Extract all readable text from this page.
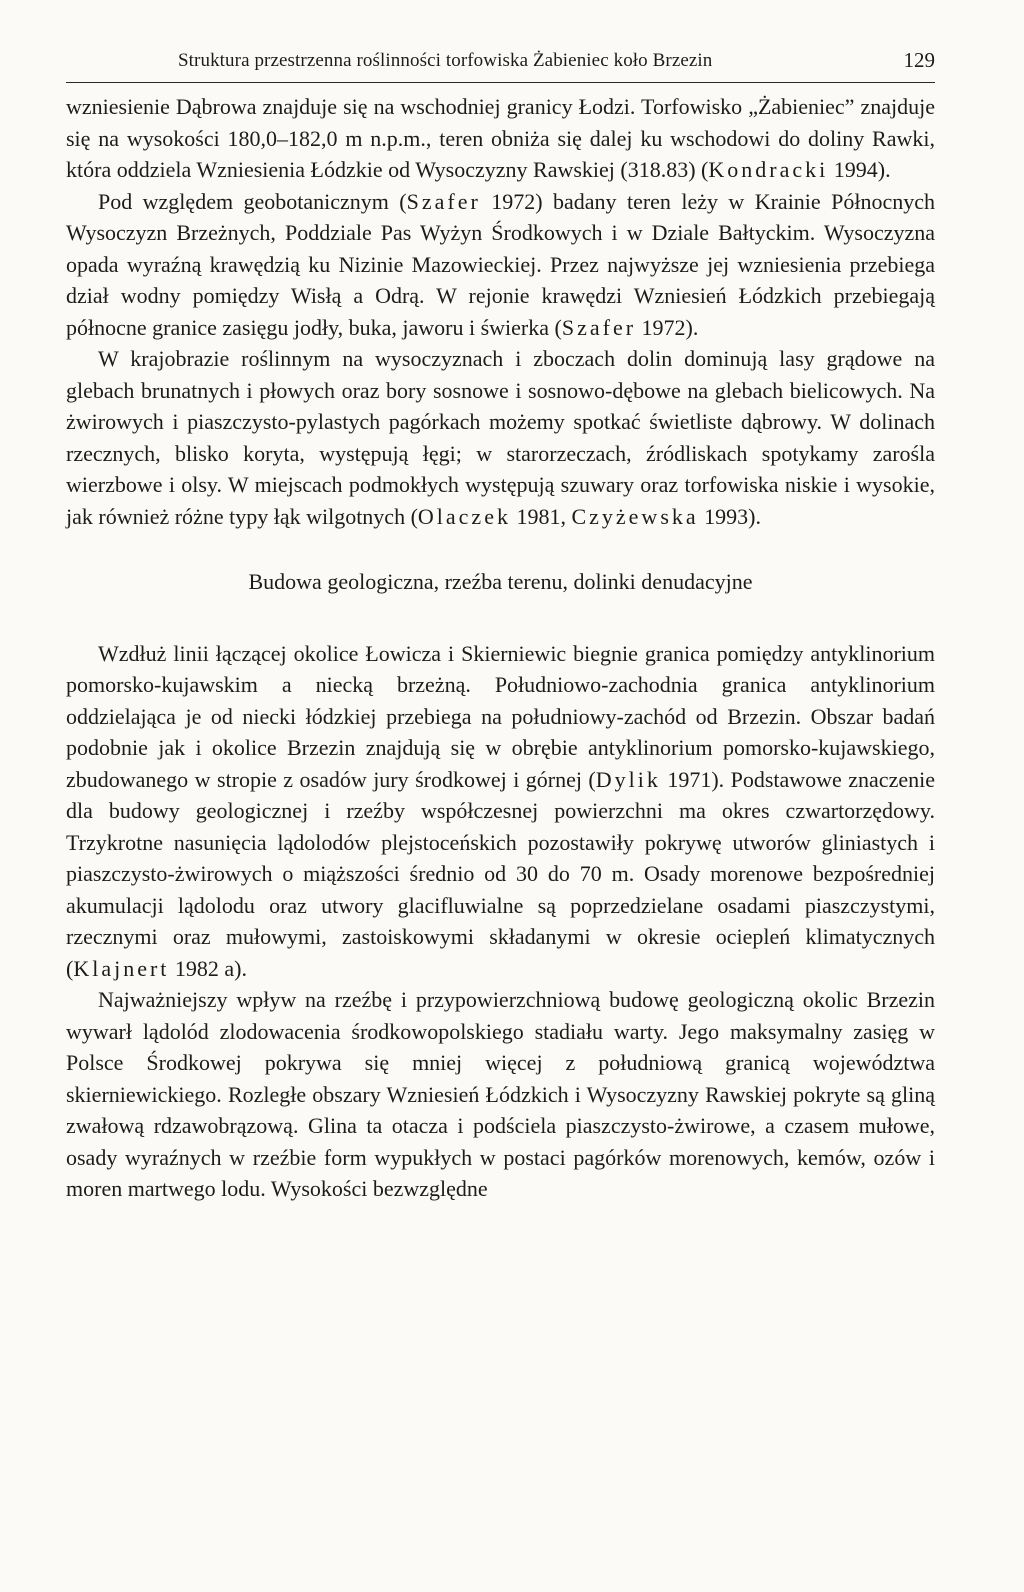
Struktura przestrzenna roślinności torfowiska Żabieniec koło Brzezin	129

wzniesienie Dąbrowa znajduje się na wschodniej granicy Łodzi. Torfowisko „Żabieniec” znajduje się na wysokości 180,0–182,0 m n.p.m., teren obniża się dalej ku wschodowi do doliny Rawki, która oddziela Wzniesienia Łódzkie od Wysoczyzny Rawskiej (318.83) (Kondracki 1994).

Pod względem geobotanicznym (Szafer 1972) badany teren leży w Krainie Północnych Wysoczyzn Brzeżnych, Poddziale Pas Wyżyn Środkowych i w Dziale Bałtyckim. Wysoczyzna opada wyraźną krawędzią ku Nizinie Mazowieckiej. Przez najwyższe jej wzniesienia przebiega dział wodny pomiędzy Wisłą a Odrą. W rejonie krawędzi Wzniesień Łódzkich przebiegają północne granice zasięgu jodły, buka, jaworu i świerka (Szafer 1972).

W krajobrazie roślinnym na wysoczyznach i zboczach dolin dominują lasy grądowe na glebach brunatnych i płowych oraz bory sosnowe i sosnowo-dębowe na glebach bielicowych. Na żwirowych i piaszczysto-pylastych pagórkach możemy spotkać świetliste dąbrowy. W dolinach rzecznych, blisko koryta, występują łęgi; w starorzeczach, źródliskach spotykamy zarośla wierzbowe i olsy. W miejscach podmokłych występują szuwary oraz torfowiska niskie i wysokie, jak również różne typy łąk wilgotnych (Olaczek 1981, Czyżewska 1993).

Budowa geologiczna, rzeźba terenu, dolinki denudacyjne

Wzdłuż linii łączącej okolice Łowicza i Skierniewic biegnie granica pomiędzy antyklinorium pomorsko-kujawskim a niecką brzeżną. Południowo-zachodnia granica antyklinorium oddzielająca je od niecki łódzkiej przebiega na południowy-zachód od Brzezin. Obszar badań podobnie jak i okolice Brzezin znajdują się w obrębie antyklinorium pomorsko-kujawskiego, zbudowanego w stropie z osadów jury środkowej i górnej (Dylik 1971). Podstawowe znaczenie dla budowy geologicznej i rzeźby współczesnej powierzchni ma okres czwartorzędowy. Trzykrotne nasunięcia lądolodów plejstoceńskich pozostawiły pokrywę utworów gliniastych i piaszczysto-żwirowych o miąższości średnio od 30 do 70 m. Osady morenowe bezpośredniej akumulacji lądolodu oraz utwory glacifluwialne są poprzedzielane osadami piaszczystymi, rzecznymi oraz mułowymi, zastoiskowymi składanymi w okresie ociepleń klimatycznych (Klajnert 1982 a).

Najważniejszy wpływ na rzeźbę i przypowierzchniową budowę geologiczną okolic Brzezin wywarł lądolód zlodowacenia środkowopolskiego stadiału warty. Jego maksymalny zasięg w Polsce Środkowej pokrywa się mniej więcej z południową granicą województwa skierniewickiego. Rozległe obszary Wzniesień Łódzkich i Wysoczyzny Rawskiej pokryte są gliną zwałową rdzawobrązową. Glina ta otacza i podściela piaszczysto-żwirowe, a czasem mułowe, osady wyraźnych w rzeźbie form wypukłych w postaci pagórków morenowych, kemów, ozów i moren martwego lodu. Wysokości bezwzględne
